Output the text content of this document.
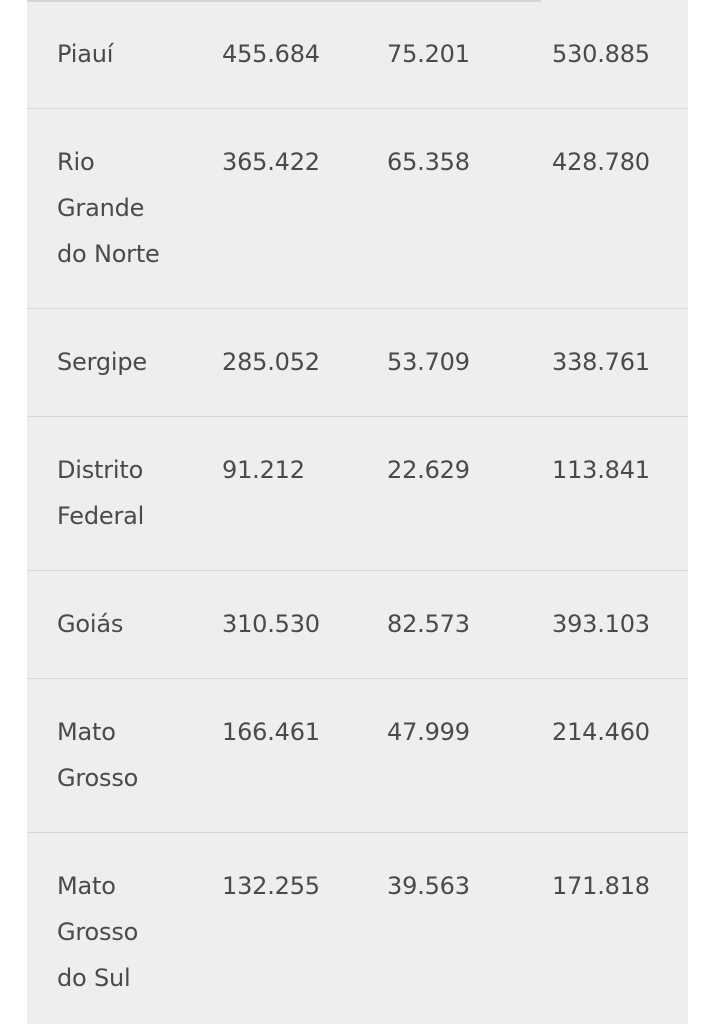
Piauí	455.684	75.201	530.885

Rio
Grande
do Norte	365.422	65.358	428.780

Sergipe	285.052	53.709	338.761

Distrito
Federal	91.212	22.629	113.841

Goiás	310.530	82.573	393.103

Mato
Grosso	166.461	47.999	214.460

Mato
Grosso
do Sul	132.255	39.563	171.818
